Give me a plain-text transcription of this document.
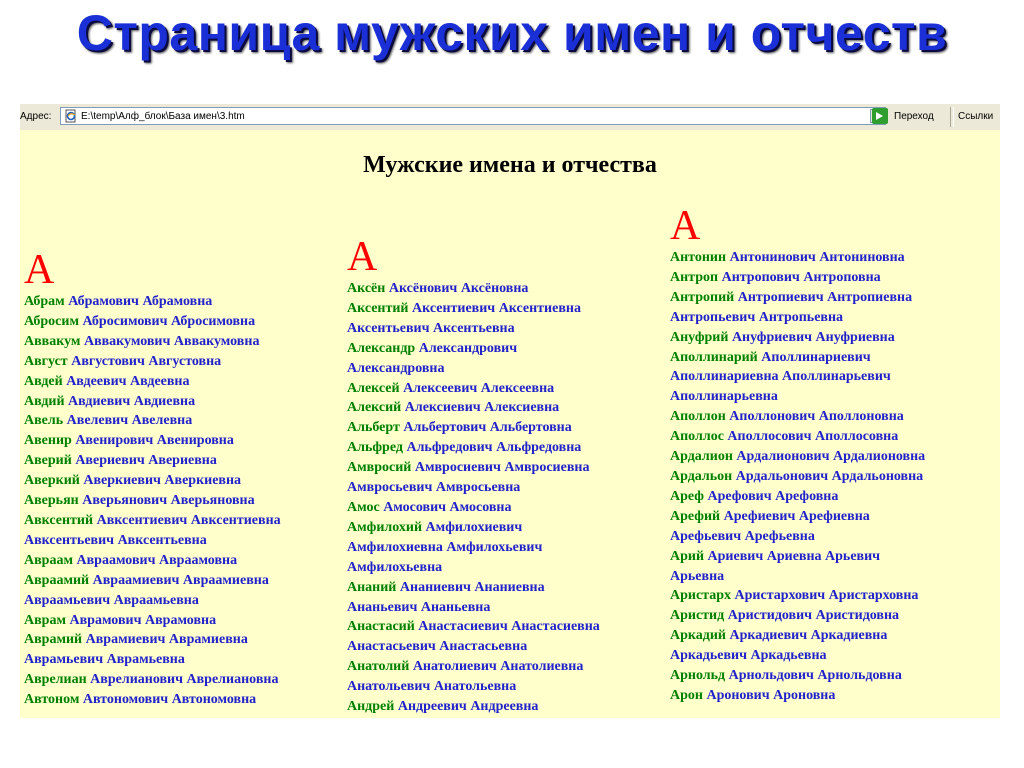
Страница мужских имен и отчеств
Адрес:	E:\temp\Алф_блок\База имен\3.htm	Переход Ссылки
Мужские имена и отчества
А
Абрам Абрамович Абрамовна
Абросим Абросимович Абросимовна
Аввакум Аввакумович Аввакумовна
Август Августович Августовна
Авдей Авдеевич Авдеевна
Авдий Авдиевич Авдиевна
Авель Авелевич Авелевна
Авенир Авенирович Авенировна
Аверий Авериевич Авериевна
Аверкий Аверкиевич Аверкиевна
Аверьян Аверьянович Аверьяновна
Авксентий Авксентиевич Авксентиевна
Авксентьевич Авксентьевна
Авраам Авраамович Авраамовна
Авраамий Авраамиевич Авраамиевна
Авраамьевич Авраамьевна
Аврам Аврамович Аврамовна
Аврамий Аврамиевич Аврамиевна
Аврамьевич Аврамьевна
Аврелиан Аврелианович Аврелиановна
Автоном Автономович Автономовна
А
Аксён Аксёнович Аксёновна
Аксентий Аксентиевич Аксентиевна
Аксентьевич Аксентьевна
Александр Александрович
Александровна
Алексей Алексеевич Алексеевна
Алексий Алексиевич Алексиевна
Альберт Альбертович Альбертовна
Альфред Альфредович Альфредовна
Амвросий Амвросиевич Амвросиевна
Амвросьевич Амвросьевна
Амос Амосович Амосовна
Амфилохий Амфилохиевич
Амфилохиевна Амфилохьевич
Амфилохьевна
Ананий Ананиевич Ананиевна
Ананьевич Ананьевна
Анастасий Анастасиевич Анастасиевна
Анастасьевич Анастасьевна
Анатолий Анатолиевич Анатолиевна
Анатольевич Анатольевна
Андрей Андреевич Андреевна
А
Антонин Антонинович Антониновна
Антроп Антропович Антроповна
Антропий Антропиевич Антропиевна
Антропьевич Антропьевна
Ануфрий Ануфриевич Ануфриевна
Аполлинарий Аполлинариевич
Аполлинариевна Аполлинарьевич
Аполлинарьевна
Аполлон Аполлонович Аполлоновна
Аполлос Аполлосович Аполлосовна
Ардалион Ардалионович Ардалионовна
Ардальон Ардальонович Ардальоновна
Ареф Арефович Арефовна
Арефий Арефиевич Арефиевна
Арефьевич Арефьевна
Арий Ариевич Ариевна Арьевич
Арьевна
Аристарх Аристархович Аристарховна
Аристид Аристидович Аристидовна
Аркадий Аркадиевич Аркадиевна
Аркадьевич Аркадьевна
Арнольд Арнольдович Арнольдовна
Арон Аронович Ароновна
